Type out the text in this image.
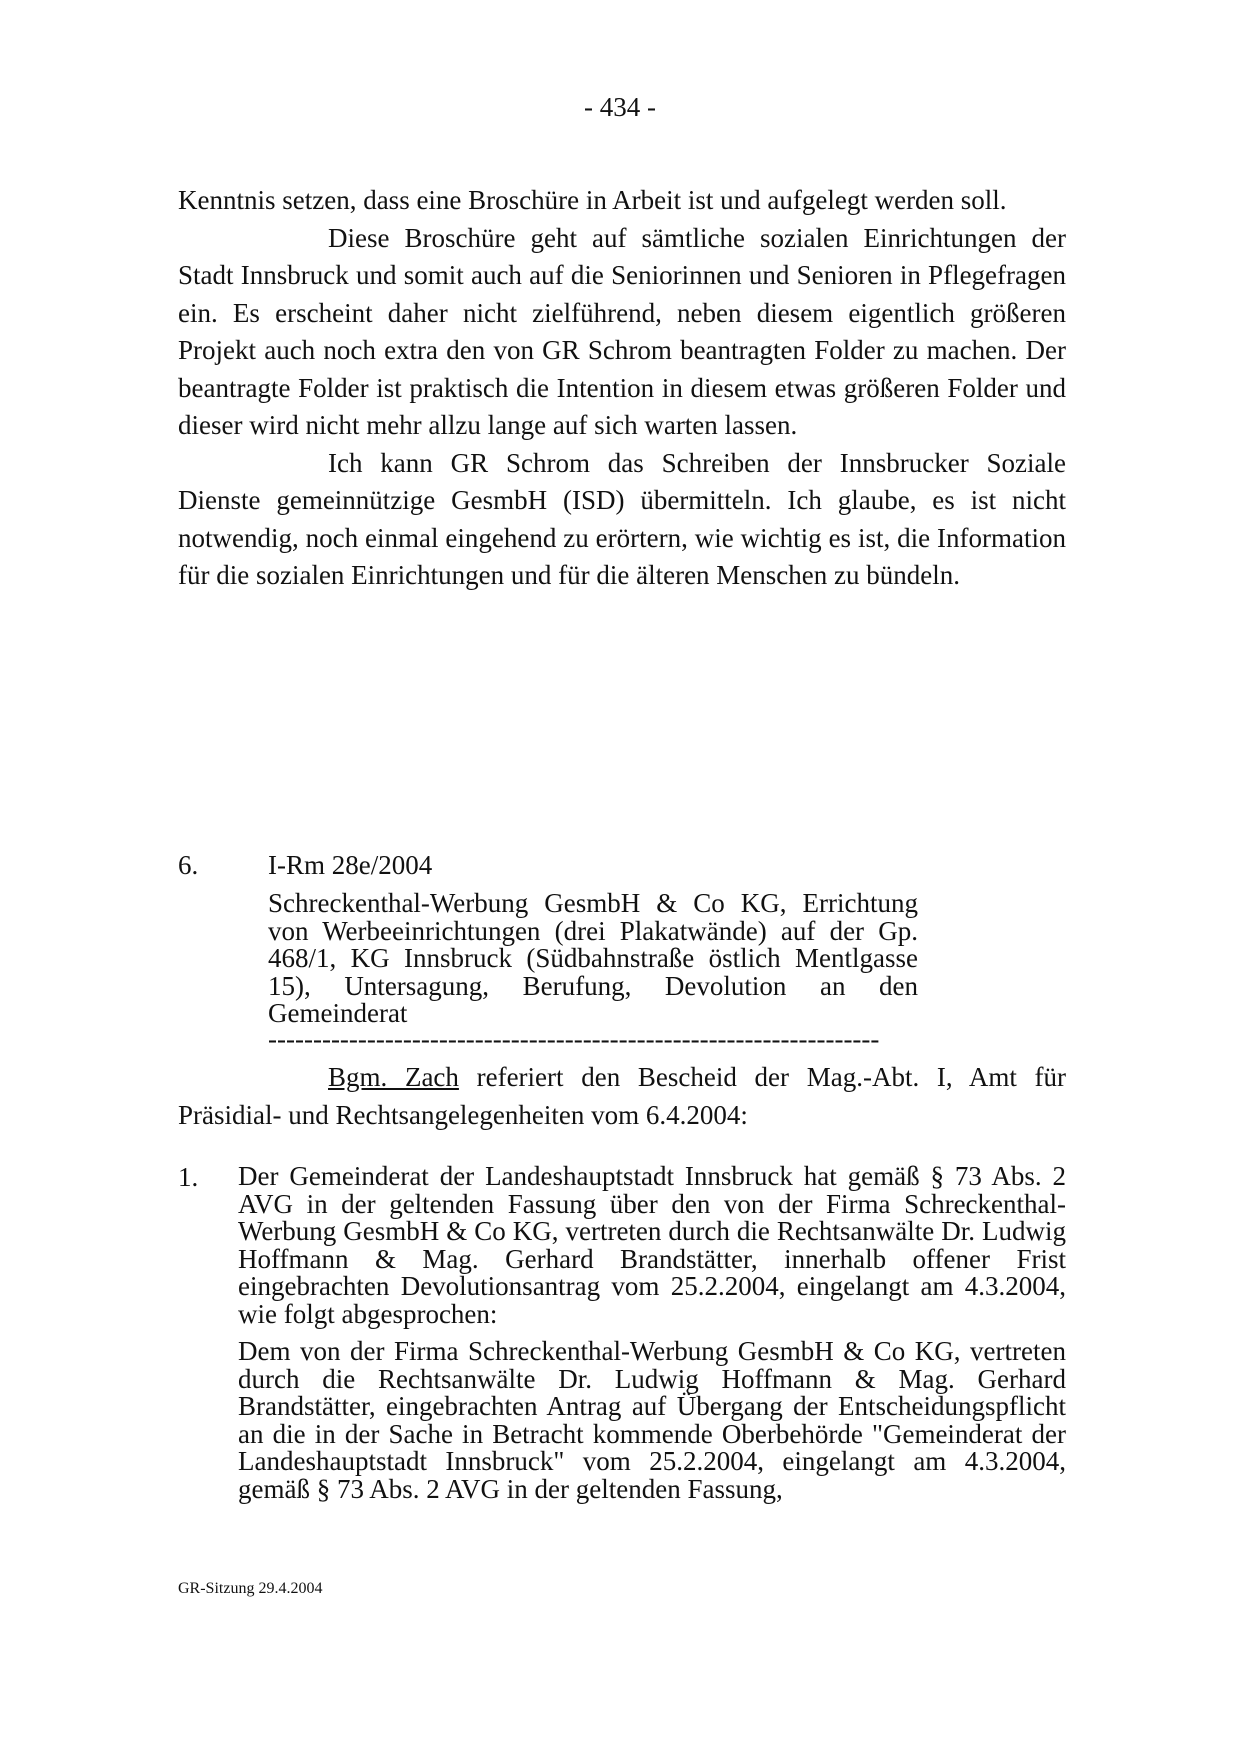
- 434 -

Kenntnis setzen, dass eine Broschüre in Arbeit ist und aufgelegt werden soll.

Diese Broschüre geht auf sämtliche sozialen Einrichtungen der Stadt Innsbruck und somit auch auf die Seniorinnen und Senioren in Pflegefragen ein. Es erscheint daher nicht zielführend, neben diesem eigentlich größeren Projekt auch noch extra den von GR Schrom beantragten Folder zu machen. Der beantragte Folder ist praktisch die Intention in diesem etwas größeren Folder und dieser wird nicht mehr allzu lange auf sich warten lassen.

Ich kann GR Schrom das Schreiben der Innsbrucker Soziale Dienste gemeinnützige GesmbH (ISD) übermitteln. Ich glaube, es ist nicht notwendig, noch einmal eingehend zu erörtern, wie wichtig es ist, die Information für die sozialen Einrichtungen und für die älteren Menschen zu bündeln.

6.	I-Rm 28e/2004
Schreckenthal-Werbung GesmbH & Co KG, Errichtung von Werbeeinrichtungen (drei Plakatwände) auf der Gp. 468/1, KG Innsbruck (Südbahnstraße östlich Mentlgasse 15), Untersagung, Berufung, Devolution an den Gemeinderat
--------------------------------------------------------------------
Bgm. Zach referiert den Bescheid der Mag.-Abt. I, Amt für Präsidial- und Rechtsangelegenheiten vom 6.4.2004:
1.	Der Gemeinderat der Landeshauptstadt Innsbruck hat gemäß § 73 Abs. 2 AVG in der geltenden Fassung über den von der Firma Schreckenthal-Werbung GesmbH & Co KG, vertreten durch die Rechtsanwälte Dr. Ludwig Hoffmann & Mag. Gerhard Brandstätter, innerhalb offener Frist eingebrachten Devolutionsantrag vom 25.2.2004, eingelangt am 4.3.2004, wie folgt abgesprochen:

Dem von der Firma Schreckenthal-Werbung GesmbH & Co KG, vertreten durch die Rechtsanwälte Dr. Ludwig Hoffmann & Mag. Gerhard Brandstätter, eingebrachten Antrag auf Übergang der Entscheidungspflicht an die in der Sache in Betracht kommende Oberbehörde "Gemeinderat der Landeshauptstadt Innsbruck" vom 25.2.2004, eingelangt am 4.3.2004, gemäß § 73 Abs. 2 AVG in der geltenden Fassung,

GR-Sitzung 29.4.2004
